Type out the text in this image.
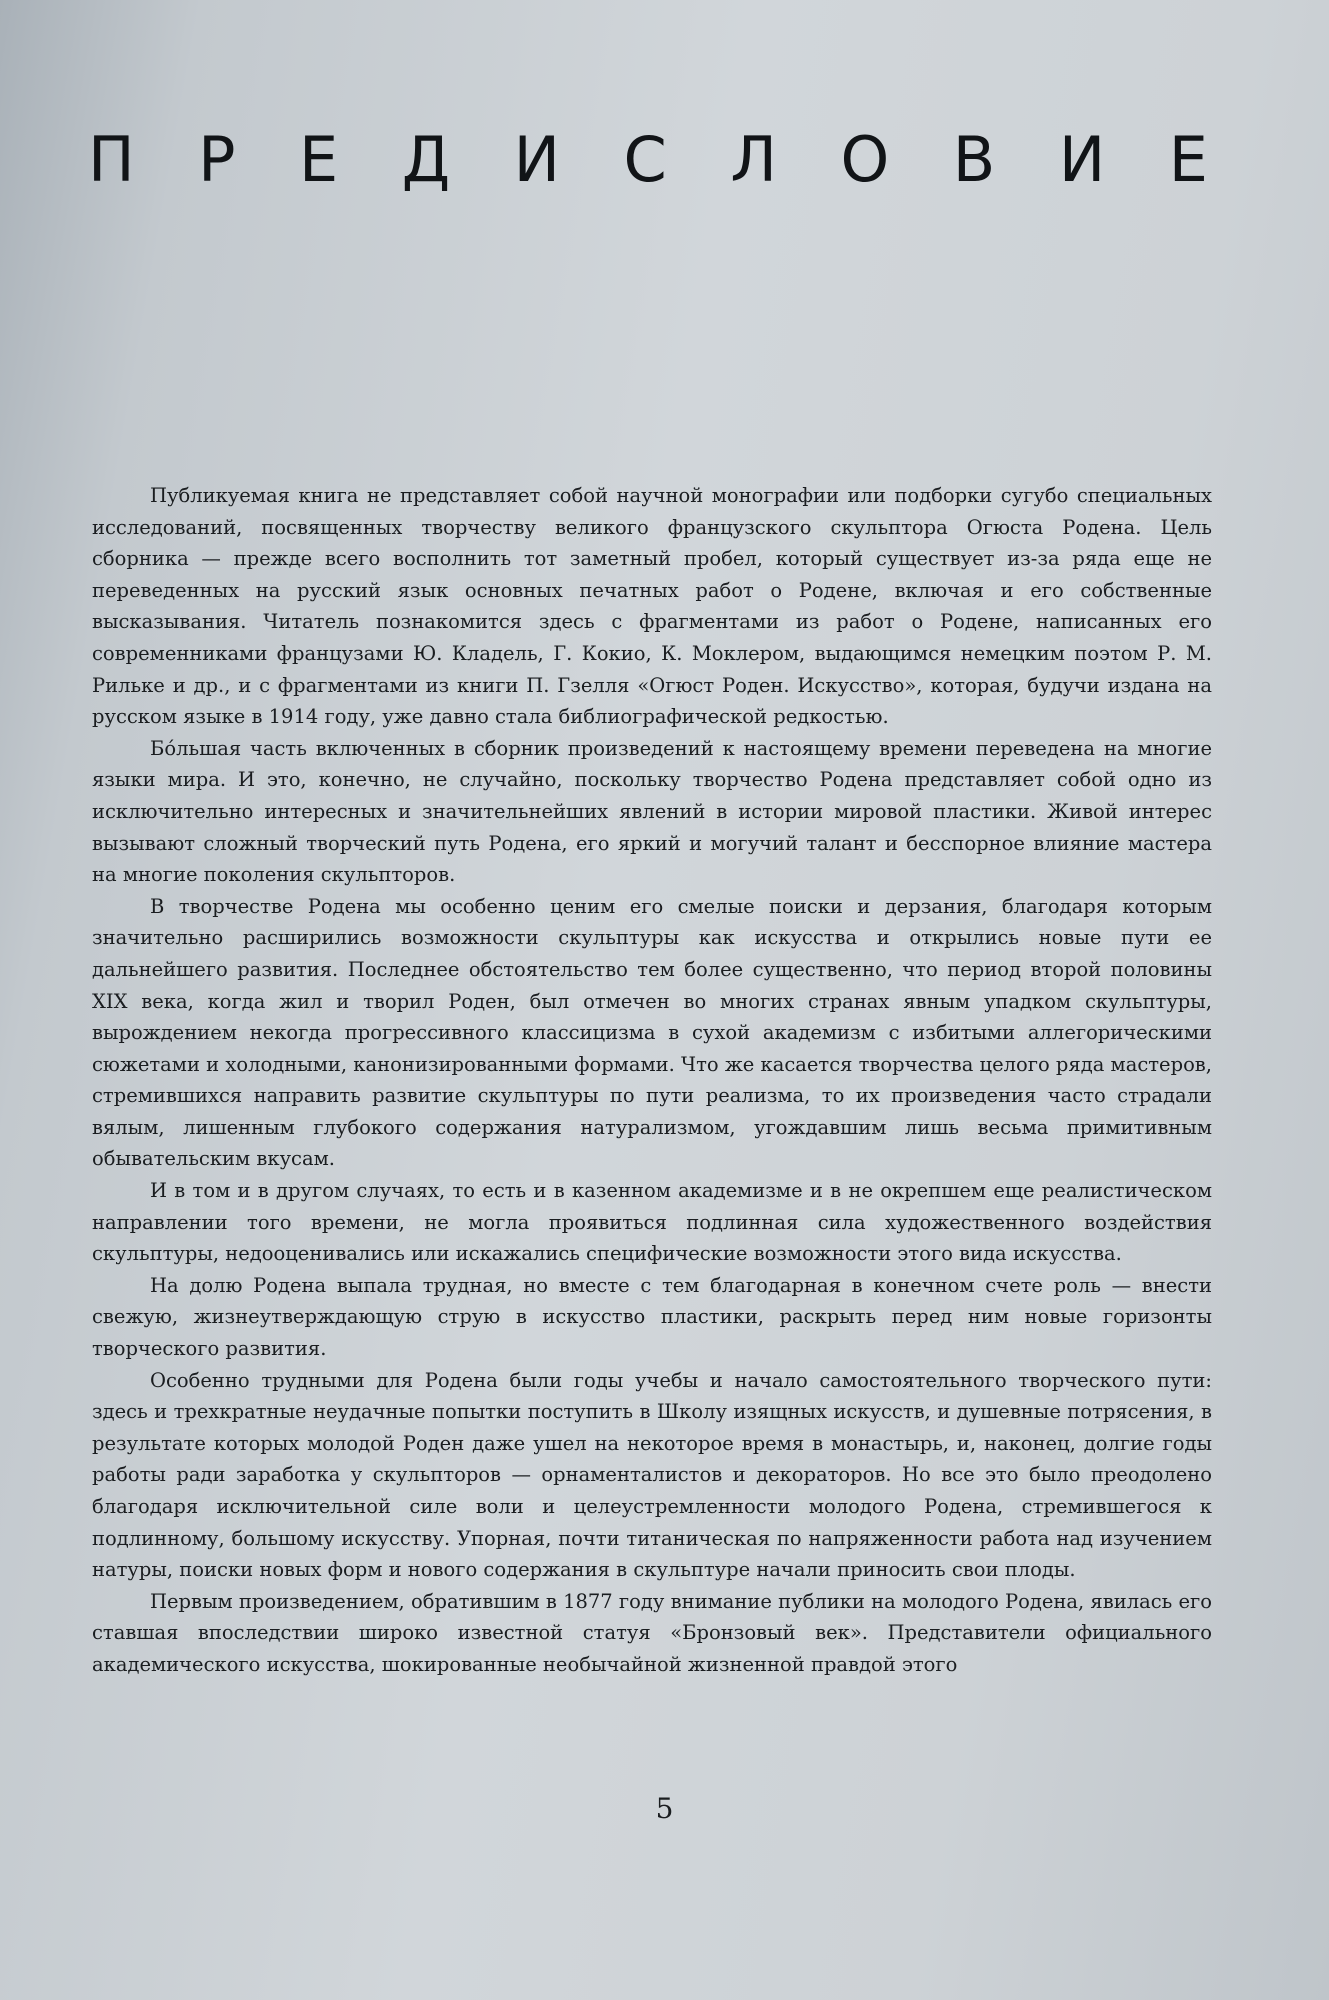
П Р Е Д И С Л О В И Е

Публикуемая книга не представляет собой научной монографии или подборки сугубо специальных исследований, посвященных творчеству великого французского скульптора Огюста Родена. Цель сборника — прежде всего восполнить тот заметный пробел, который существует из-за ряда еще не переведенных на русский язык основных печатных работ о Родене, включая и его собственные высказывания. Читатель познакомится здесь с фрагментами из работ о Родене, написанных его современниками французами Ю. Кладель, Г. Кокио, К. Моклером, выдающимся немецким поэтом Р. М. Рильке и др., и с фрагментами из книги П. Гзелля «Огюст Роден. Искусство», которая, будучи издана на русском языке в 1914 году, уже давно стала библиографической редкостью.

Бо́льшая часть включенных в сборник произведений к настоящему времени переведена на многие языки мира. И это, конечно, не случайно, поскольку творчество Родена представляет собой одно из исключительно интересных и значительнейших явлений в истории мировой пластики. Живой интерес вызывают сложный творческий путь Родена, его яркий и могучий талант и бесспорное влияние мастера на многие поколения скульпторов.

В творчестве Родена мы особенно ценим его смелые поиски и дерзания, благодаря которым значительно расширились возможности скульптуры как искусства и открылись новые пути ее дальнейшего развития. Последнее обстоятельство тем более существенно, что период второй половины XIX века, когда жил и творил Роден, был отмечен во многих странах явным упадком скульптуры, вырождением некогда прогрессивного классицизма в сухой академизм с избитыми аллегорическими сюжетами и холодными, канонизированными формами. Что же касается творчества целого ряда мастеров, стремившихся направить развитие скульптуры по пути реализма, то их произведения часто страдали вялым, лишенным глубокого содержания натурализмом, угождавшим лишь весьма примитивным обывательским вкусам.

И в том и в другом случаях, то есть и в казенном академизме и в не окрепшем еще реалистическом направлении того времени, не могла проявиться подлинная сила художественного воздействия скульптуры, недооценивались или искажались специфические возможности этого вида искусства.

На долю Родена выпала трудная, но вместе с тем благодарная в конечном счете роль — внести свежую, жизнеутверждающую струю в искусство пластики, раскрыть перед ним новые горизонты творческого развития.

Особенно трудными для Родена были годы учебы и начало самостоятельного творческого пути: здесь и трехкратные неудачные попытки поступить в Школу изящных искусств, и душевные потрясения, в результате которых молодой Роден даже ушел на некоторое время в монастырь, и, наконец, долгие годы работы ради заработка у скульпторов — орнаменталистов и декораторов. Но все это было преодолено благодаря исключительной силе воли и целеустремленности молодого Родена, стремившегося к подлинному, большому искусству. Упорная, почти титаническая по напряженности работа над изучением натуры, поиски новых форм и нового содержания в скульптуре начали приносить свои плоды.

Первым произведением, обратившим в 1877 году внимание публики на молодого Родена, явилась его ставшая впоследствии широко известной статуя «Бронзовый век». Представители официального академического искусства, шокированные необычайной жизненной правдой этого

5
